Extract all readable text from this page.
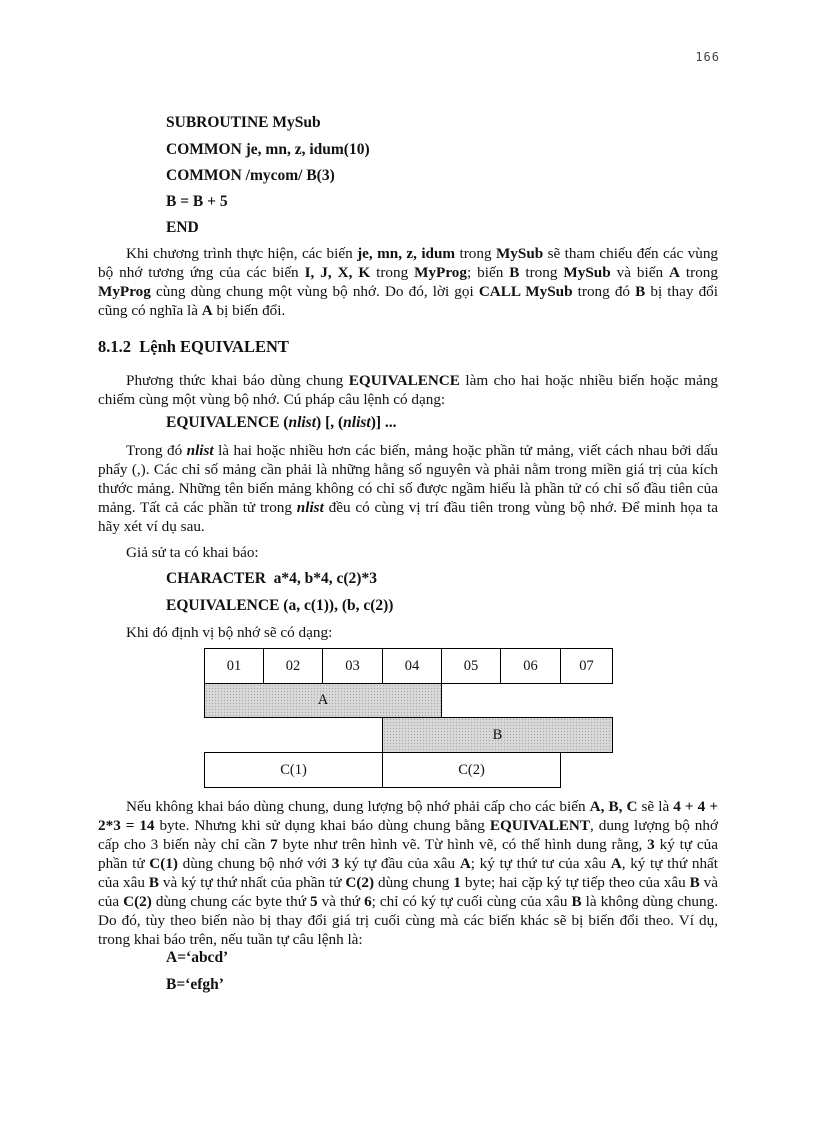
166
SUBROUTINE MySub
COMMON je, mn, z, idum(10)
COMMON /mycom/ B(3)
B = B + 5
END

Khi chương trình thực hiện, các biến je, mn, z, idum trong MySub sẽ tham chiếu đến các vùng bộ nhớ tương ứng của các biến I, J, X, K trong MyProg; biến B trong MySub và biến A trong MyProg cùng dùng chung một vùng bộ nhớ. Do đó, lời gọi CALL MySub trong đó B bị thay đổi cũng có nghĩa là A bị biến đổi.

8.1.2  Lệnh EQUIVALENT

Phương thức khai báo dùng chung EQUIVALENCE làm cho hai hoặc nhiều biến hoặc mảng chiếm cùng một vùng bộ nhớ. Cú pháp câu lệnh có dạng:

EQUIVALENCE (nlist) [, (nlist)] ...

Trong đó nlist là hai hoặc nhiều hơn các biến, mảng hoặc phần tử mảng, viết cách nhau bởi dấu phẩy (,). Các chỉ số mảng cần phải là những hằng số nguyên và phải nằm trong miền giá trị của kích thước mảng. Những tên biến mảng không có chỉ số được ngầm hiểu là phần tử có chỉ số đầu tiên của mảng. Tất cả các phần tử trong nlist đều có cùng vị trí đầu tiên trong vùng bộ nhớ. Để minh họa ta hãy xét ví dụ sau.

Giả sử ta có khai báo:
CHARACTER  a*4, b*4, c(2)*3
EQUIVALENCE (a, c(1)), (b, c(2))
Khi đó định vị bộ nhớ sẽ có dạng:
01	02	03	04	05	06	07
A
B
C(1)	C(2)

Nếu không khai báo dùng chung, dung lượng bộ nhớ phải cấp cho các biến A, B, C sẽ là 4 + 4 + 2*3 = 14 byte. Nhưng khi sử dụng khai báo dùng chung bằng EQUIVALENT, dung lượng bộ nhớ cấp cho 3 biến này chỉ cần 7 byte như trên hình vẽ. Từ hình vẽ, có thể hình dung rằng, 3 ký tự của phần tử C(1) dùng chung bộ nhớ với 3 ký tự đầu của xâu A; ký tự thứ tư của xâu A, ký tự thứ nhất của xâu B và ký tự thứ nhất của phần tử C(2) dùng chung 1 byte; hai cặp ký tự tiếp theo của xâu B và của C(2) dùng chung các byte thứ 5 và thứ 6; chỉ có ký tự cuối cùng của xâu B là không dùng chung. Do đó, tùy theo biến nào bị thay đổi giá trị cuối cùng mà các biến khác sẽ bị biến đổi theo. Ví dụ, trong khai báo trên, nếu tuần tự câu lệnh là:

A=‘abcd’
B=‘efgh’
